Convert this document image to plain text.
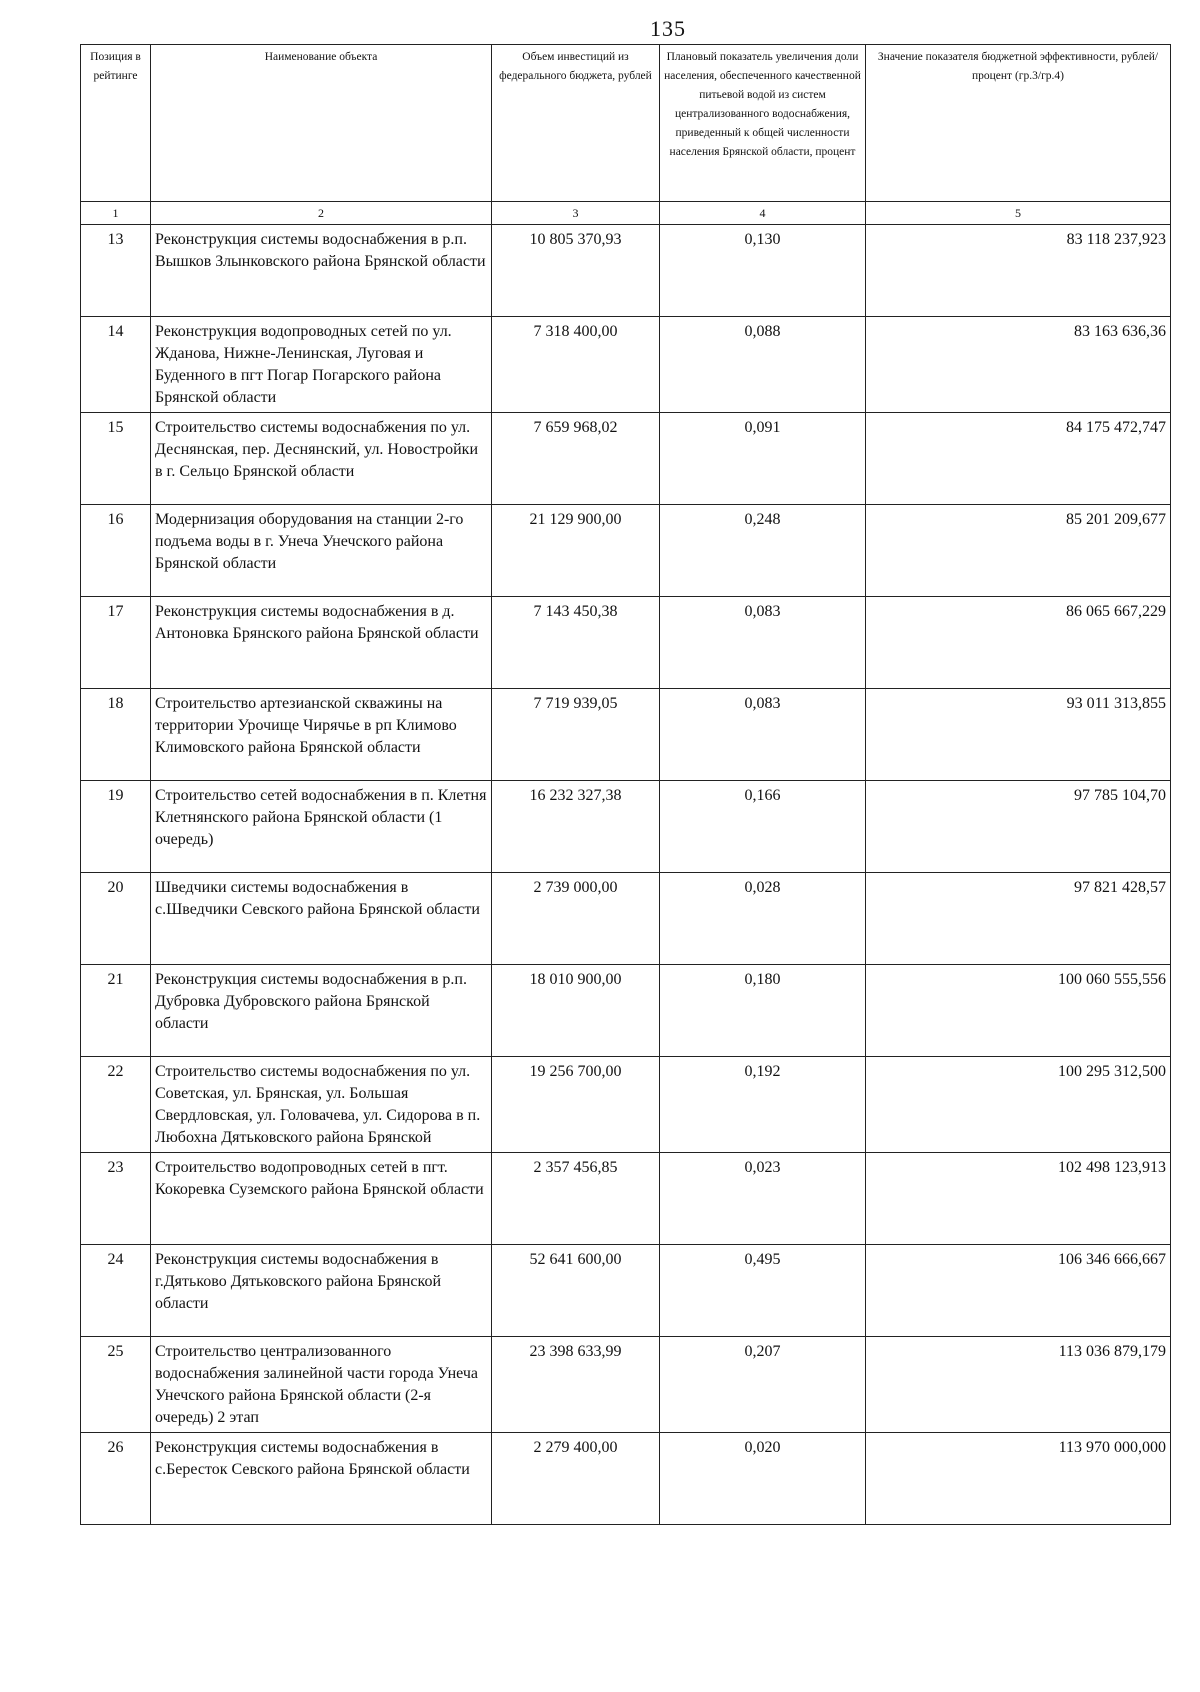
135
Позиция в рейтинге	Наименование объекта	Объем инвестиций из федерального бюджета, рублей	Плановый показатель увеличения доли населения, обеспеченного качественной питьевой водой из систем централизованного водоснабжения, приведенный к общей численности населения Брянской области, процент	Значение показателя бюджетной эффективности, рублей/процент (гр.3/гр.4)
1	2	3	4	5
13	Реконструкция системы водоснабжения в р.п. Вышков Злынковского района Брянской области	10 805 370,93	0,130	83 118 237,923
14	Реконструкция водопроводных сетей по ул. Жданова, Нижне-Ленинская, Луговая и Буденного в пгт Погар Погарского района Брянской области	7 318 400,00	0,088	83 163 636,36
15	Строительство системы водоснабжения по ул. Деснянская, пер. Деснянский, ул. Новостройки в г. Сельцо Брянской области	7 659 968,02	0,091	84 175 472,747
16	Модернизация оборудования на станции 2-го подъема воды в г. Унеча Унечского района Брянской области	21 129 900,00	0,248	85 201 209,677
17	Реконструкция системы водоснабжения в д. Антоновка Брянского района Брянской области	7 143 450,38	0,083	86 065 667,229
18	Строительство артезианской скважины на территории Урочище Чирячье в рп Климово Климовского района Брянской области	7 719 939,05	0,083	93 011 313,855
19	Строительство сетей водоснабжения в п. Клетня Клетнянского района Брянской области (1 очередь)	16 232 327,38	0,166	97 785 104,70
20	Шведчики системы водоснабжения в с.Шведчики Севского района Брянской области	2 739 000,00	0,028	97 821 428,57
21	Реконструкция системы водоснабжения в р.п. Дубровка Дубровского района Брянской области	18 010 900,00	0,180	100 060 555,556
22	Строительство системы водоснабжения по ул. Советская, ул. Брянская, ул. Большая Свердловская, ул. Головачева, ул. Сидорова в п. Любохна Дятьковского района Брянской	19 256 700,00	0,192	100 295 312,500
23	Строительство водопроводных сетей в пгт. Кокоревка Суземского района Брянской области	2 357 456,85	0,023	102 498 123,913
24	Реконструкция системы водоснабжения в г.Дятьково Дятьковского района Брянской области	52 641 600,00	0,495	106 346 666,667
25	Строительство централизованного водоснабжения залинейной части города Унеча Унечского района Брянской области (2-я очередь) 2 этап	23 398 633,99	0,207	113 036 879,179
26	Реконструкция системы водоснабжения в с.Бересток Севского района Брянской области	2 279 400,00	0,020	113 970 000,000
